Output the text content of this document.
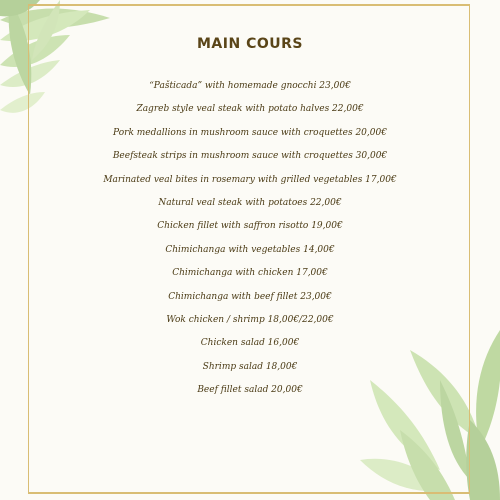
MAIN COURS
“Pašticada” with homemade gnocchi 23,00€
Zagreb style veal steak with potato halves 22,00€
Pork medallions in mushroom sauce with croquettes 20,00€
Beefsteak strips in mushroom sauce with croquettes 30,00€
Marinated veal bites in rosemary with grilled vegetables 17,00€
Natural veal steak with potatoes 22,00€
Chicken fillet with saffron risotto 19,00€
Chimichanga with vegetables 14,00€
Chimichanga with chicken 17,00€
Chimichanga with beef fillet 23,00€
Wok chicken / shrimp 18,00€/22,00€
Chicken salad 16,00€
Shrimp salad 18,00€
Beef fillet salad 20,00€
